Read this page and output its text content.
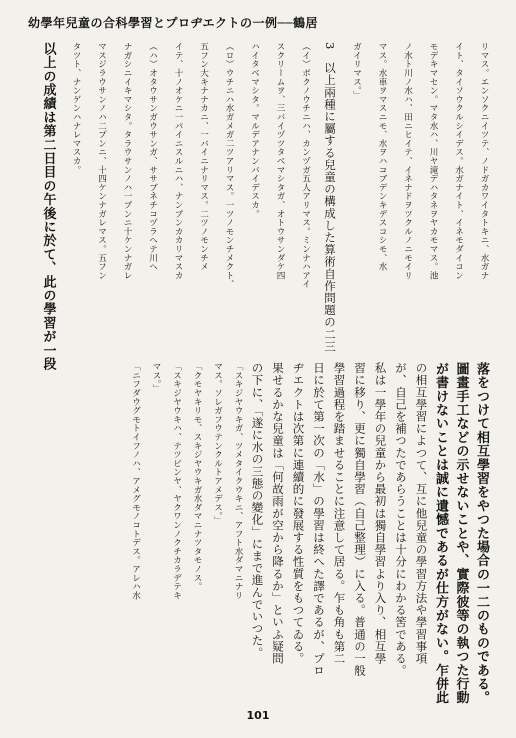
幼學年兒童の合科學習とプロヂエクトの一例──鶴居
リマス。エンソクニイツテ、ノドガカワイタトキニ、水ガナ
イト、タイソウクルシイデス。水ガナイト、イネモダイコン
モデキマセン。マタ水ハ、川ヤ滝デハタネヲヤカモマス。池
ノ水ト川ノ水ハ、田ニヒイテ、イネナドヲツクルノニモイリ
マス。水車ヲマスニモ、水ヲハコブデンキデスコシモ、水
ガイリマス。」
3　以上兩種に屬する兒童の構成した算術自作問題の二三
（イ）ボクノウチニハ、カンヅガ五人アリマス。ミンナハアイ
スクリームヲ、三バイヅツタベマシタガ、オトウサンダケ四
ハイタベマシタ。マルデアナンバイデスカ。
（ロ）ウチニハ水ガメガ二ツアリマス。一ツノモンチメクト、
五フン大キナナカニ、一バイニナリマス。二ツノモンチメ
イテ、十ノオケニ一パイニスルニハ、ナンプンカカリマスカ
（ハ）オタウサンガウサンガ、ササブネチコヅラヘテ川ヘ
ナガシニイキマシタ。タラウサンノハ一プンニ十ケンナガレ
マスジラウサンノハ二プンニ、十四ケンナガレマス。五フン
タツト、ナンゲンハナレマスカ。
以上の成績は第二日目の午後に於て、此の學習が一段
落をつけて相互學習をやつた場合の一二のものである。
圖畫手工などの示せないことや、實際彼等の執つた行動
が書けないことは誠に遺憾であるが仕方がない。乍併此
の相互學習によつて、互に他兒童の學習方法や學習事項
が、自己を補つたであらうことは十分にわかる筈である。
私は一學年の兒童から最初は獨自學習より入り、相互學
習に移り、更に獨自學習（自己整理）に入る。普通の一般
學習過程を踏ませることに注意して居る。乍も角も第二
日に於て第一次の「水」の學習は終へた譯であるが、プロ
ヂエクトは次第に連續的に發展する性質をもつてゐる。
果せるかな兒童は「何故雨が空から降るか」といふ疑問
の下に、「遂に水の三態の變化」にまで進んでいつた。
「スキジヤウキガ、ツメタイクウキニ、アフト水ダマニナリ
マス。ソレガフウテンクルトアメデス。」
「クモヤキリモ、スキジヤウキガ水ダマニナツタモノス。
「スキジヤウキハ、テツビンヤ、ヤクワンノクチカラデテキ
マス。」
「ニフダウグモトイフノハ、アメグモノコトデス。アレハ水
101
